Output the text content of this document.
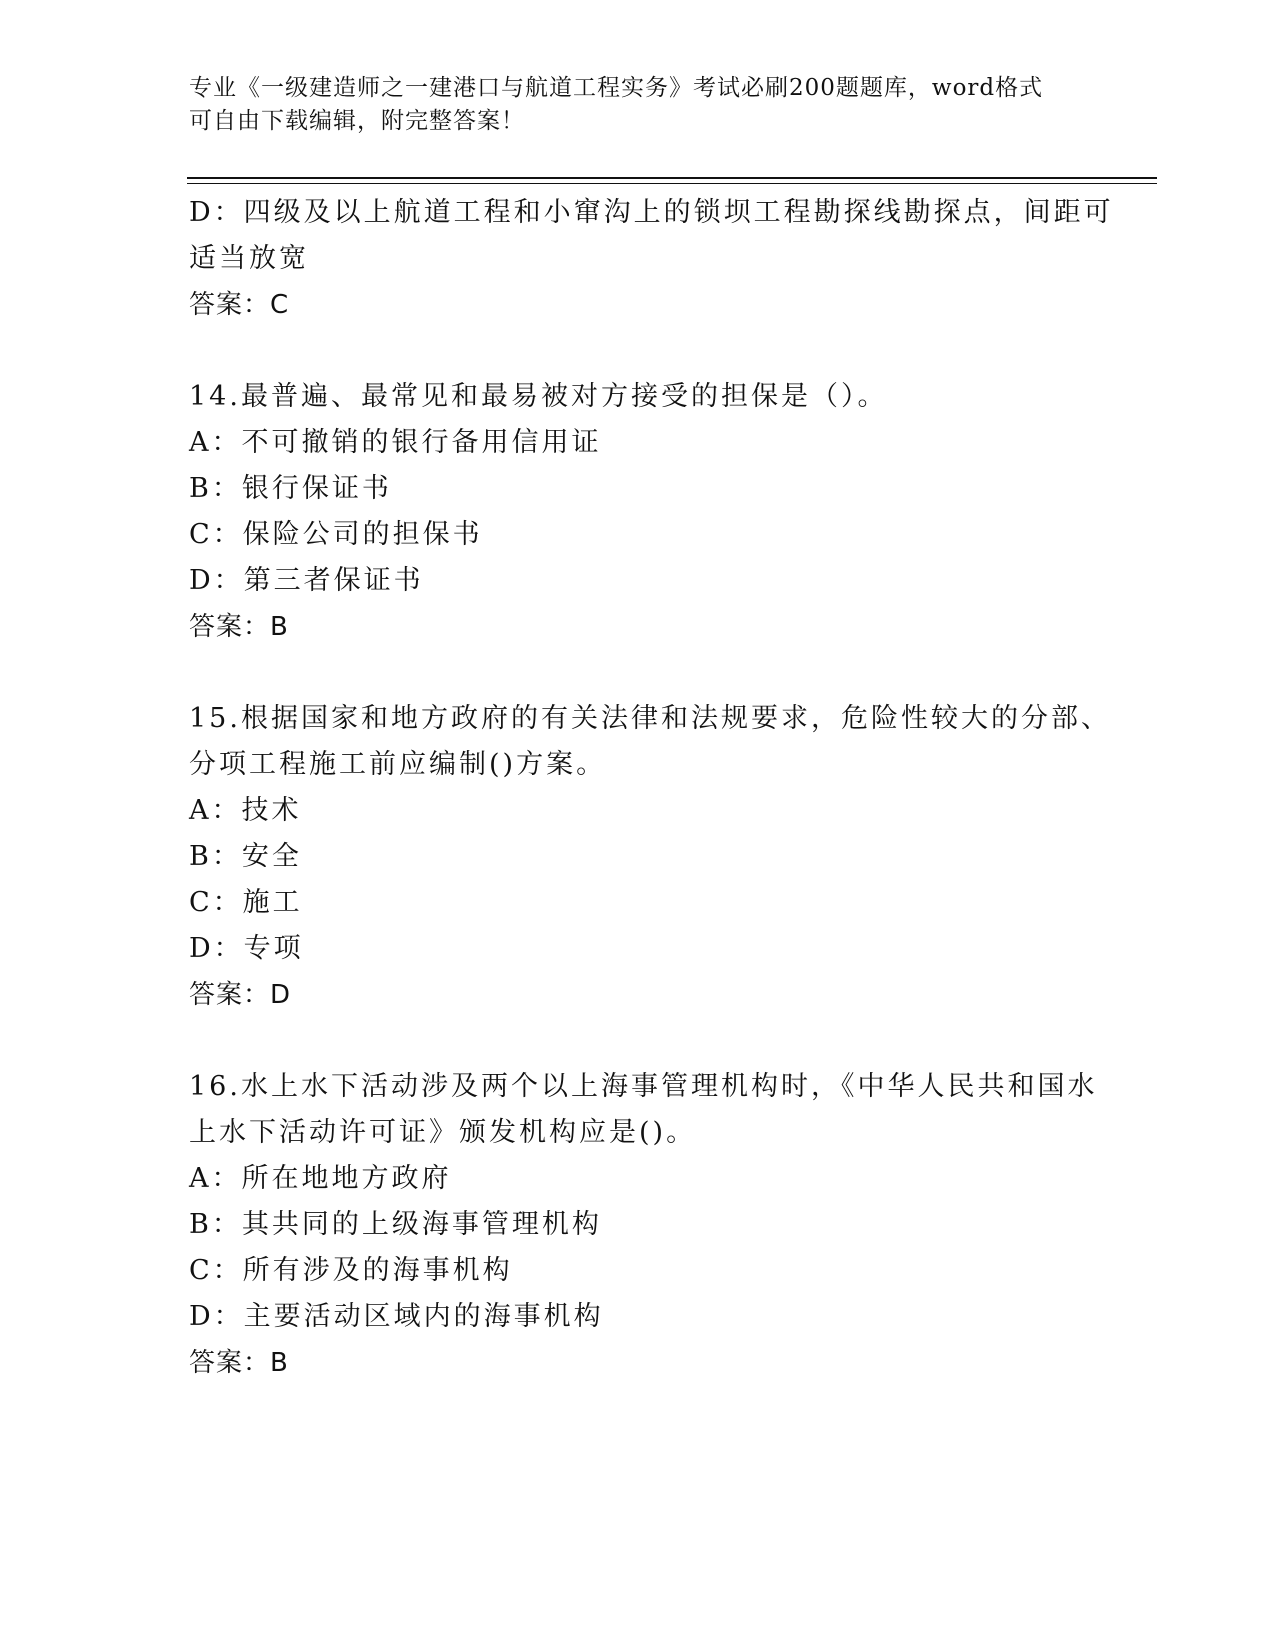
专业《一级建造师之一建港口与航道工程实务》考试必刷200题题库，word格式
可自由下载编辑，附完整答案！
D：四级及以上航道工程和小窜沟上的锁坝工程勘探线勘探点，间距可
适当放宽
答案：C
14.最普遍、最常见和最易被对方接受的担保是（）。
A：不可撤销的银行备用信用证
B：银行保证书
C：保险公司的担保书
D：第三者保证书
答案：B
15.根据国家和地方政府的有关法律和法规要求，危险性较大的分部、
分项工程施工前应编制()方案。
A：技术
B：安全
C：施工
D：专项
答案：D
16.水上水下活动涉及两个以上海事管理机构时，《中华人民共和国水
上水下活动许可证》颁发机构应是()。
A：所在地地方政府
B：其共同的上级海事管理机构
C：所有涉及的海事机构
D：主要活动区域内的海事机构
答案：B
